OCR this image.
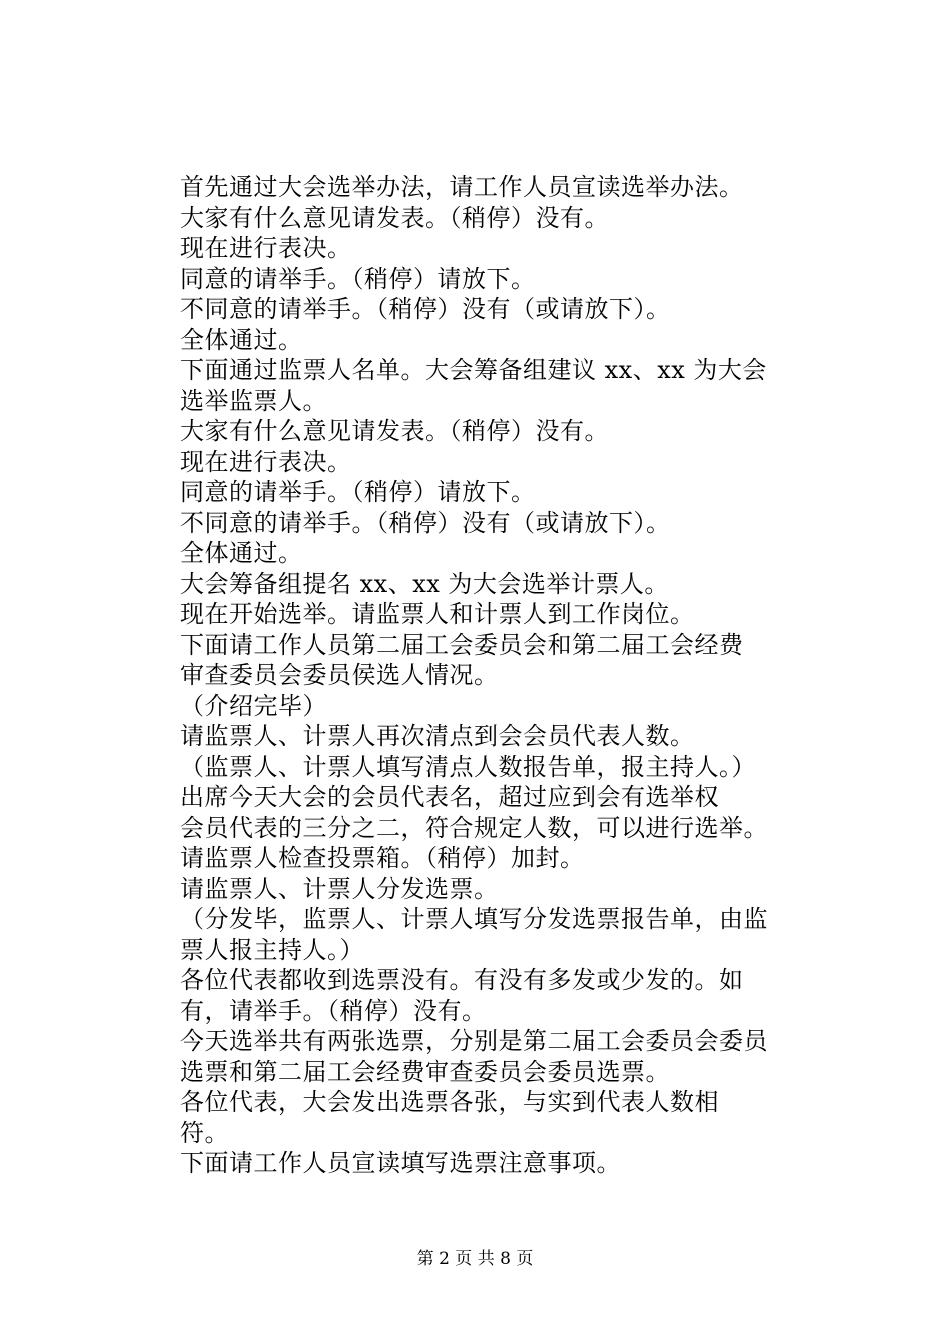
首先通过大会选举办法，请工作人员宣读选举办法。
大家有什么意见请发表。（稍停）没有。
现在进行表决。
同意的请举手。（稍停）请放下。
不同意的请举手。（稍停）没有（或请放下）。
全体通过。
下面通过监票人名单。大会筹备组建议 xx、xx 为大会
选举监票人。
大家有什么意见请发表。（稍停）没有。
现在进行表决。
同意的请举手。（稍停）请放下。
不同意的请举手。（稍停）没有（或请放下）。
全体通过。
大会筹备组提名 xx、xx 为大会选举计票人。
现在开始选举。请监票人和计票人到工作岗位。
下面请工作人员第二届工会委员会和第二届工会经费
审查委员会委员侯选人情况。
（介绍完毕）
请监票人、计票人再次清点到会会员代表人数。
（监票人、计票人填写清点人数报告单，报主持人。）
出席今天大会的会员代表名，超过应到会有选举权
会员代表的三分之二，符合规定人数，可以进行选举。
请监票人检查投票箱。（稍停）加封。
请监票人、计票人分发选票。
（分发毕，监票人、计票人填写分发选票报告单，由监
票人报主持人。）
各位代表都收到选票没有。有没有多发或少发的。如
有，请举手。（稍停）没有。
今天选举共有两张选票，分别是第二届工会委员会委员
选票和第二届工会经费审查委员会委员选票。
各位代表，大会发出选票各张，与实到代表人数相
符。
下面请工作人员宣读填写选票注意事项。
第 2 页 共 8 页
